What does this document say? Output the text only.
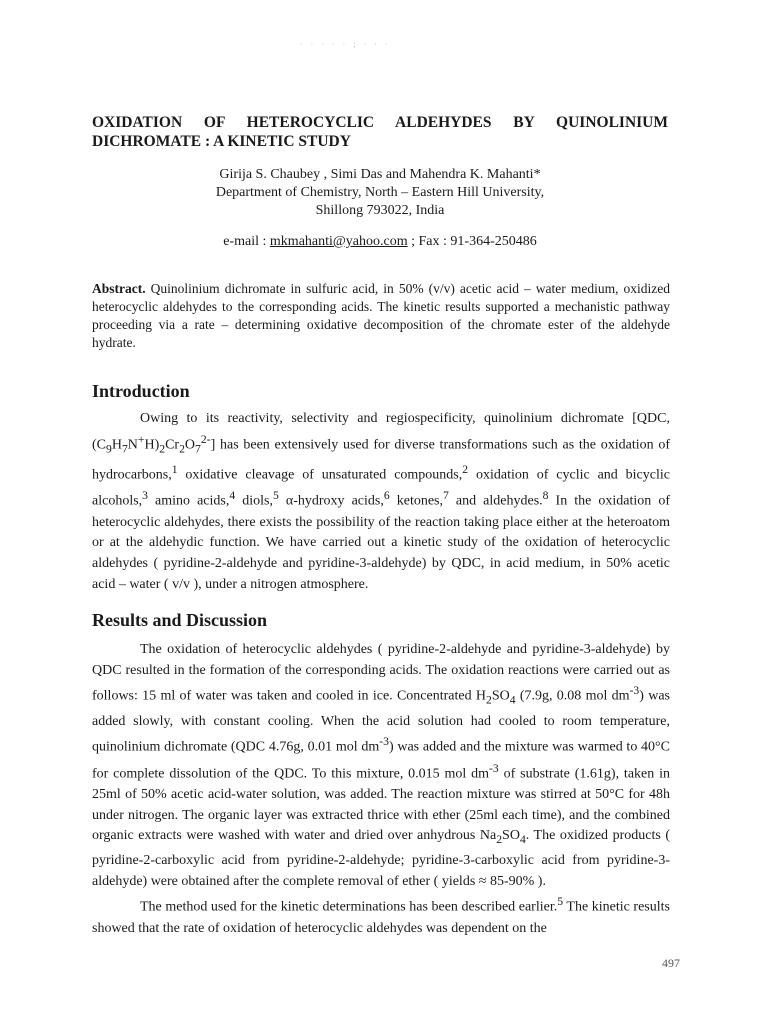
· · · · · ; · · ·
OXIDATION OF HETEROCYCLIC ALDEHYDES BY QUINOLINIUM DICHROMATE : A KINETIC STUDY
Girija S. Chaubey , Simi Das and Mahendra K. Mahanti*
Department of Chemistry, North – Eastern Hill University,
Shillong 793022, India
e-mail : mkmahanti@yahoo.com ; Fax : 91-364-250486
Abstract. Quinolinium dichromate in sulfuric acid, in 50% (v/v) acetic acid – water medium, oxidized heterocyclic aldehydes to the corresponding acids. The kinetic results supported a mechanistic pathway proceeding via a rate – determining oxidative decomposition of the chromate ester of the aldehyde hydrate.
Introduction

Owing to its reactivity, selectivity and regiospecificity, quinolinium dichromate [QDC, $(C_9H_7N^+H)_2Cr_2O_7^{2-}$] has been extensively used for diverse transformations such as the oxidation of hydrocarbons,$^1$ oxidative cleavage of unsaturated compounds,$^2$ oxidation of cyclic and bicyclic alcohols,$^3$ amino acids,$^4$ diols,$^5$ α-hydroxy acids,$^6$ ketones,$^7$ and aldehydes.$^8$ In the oxidation of heterocyclic aldehydes, there exists the possibility of the reaction taking place either at the heteroatom or at the aldehydic function. We have carried out a kinetic study of the oxidation of heterocyclic aldehydes ( pyridine-2-aldehyde and pyridine-3-aldehyde) by QDC, in acid medium, in 50% acetic acid – water ( v/v ), under a nitrogen atmosphere.

Results and Discussion

The oxidation of heterocyclic aldehydes ( pyridine-2-aldehyde and pyridine-3-aldehyde) by QDC resulted in the formation of the corresponding acids. The oxidation reactions were carried out as follows: 15 ml of water was taken and cooled in ice. Concentrated $H_2SO_4$ (7.9g, 0.08 mol $dm^{-3}$) was added slowly, with constant cooling. When the acid solution had cooled to room temperature, quinolinium dichromate (QDC 4.76g, 0.01 mol $dm^{-3}$) was added and the mixture was warmed to 40°C for complete dissolution of the QDC. To this mixture, 0.015 mol $dm^{-3}$ of substrate (1.61g), taken in 25ml of 50% acetic acid-water solution, was added. The reaction mixture was stirred at 50°C for 48h under nitrogen. The organic layer was extracted thrice with ether (25ml each time), and the combined organic extracts were washed with water and dried over anhydrous $Na_2SO_4$. The oxidized products ( pyridine-2-carboxylic acid from pyridine-2-aldehyde; pyridine-3-carboxylic acid from pyridine-3-aldehyde) were obtained after the complete removal of ether ( yields ≈ 85-90% ).

The method used for the kinetic determinations has been described earlier.$^5$ The kinetic results showed that the rate of oxidation of heterocyclic aldehydes was dependent on the

497
